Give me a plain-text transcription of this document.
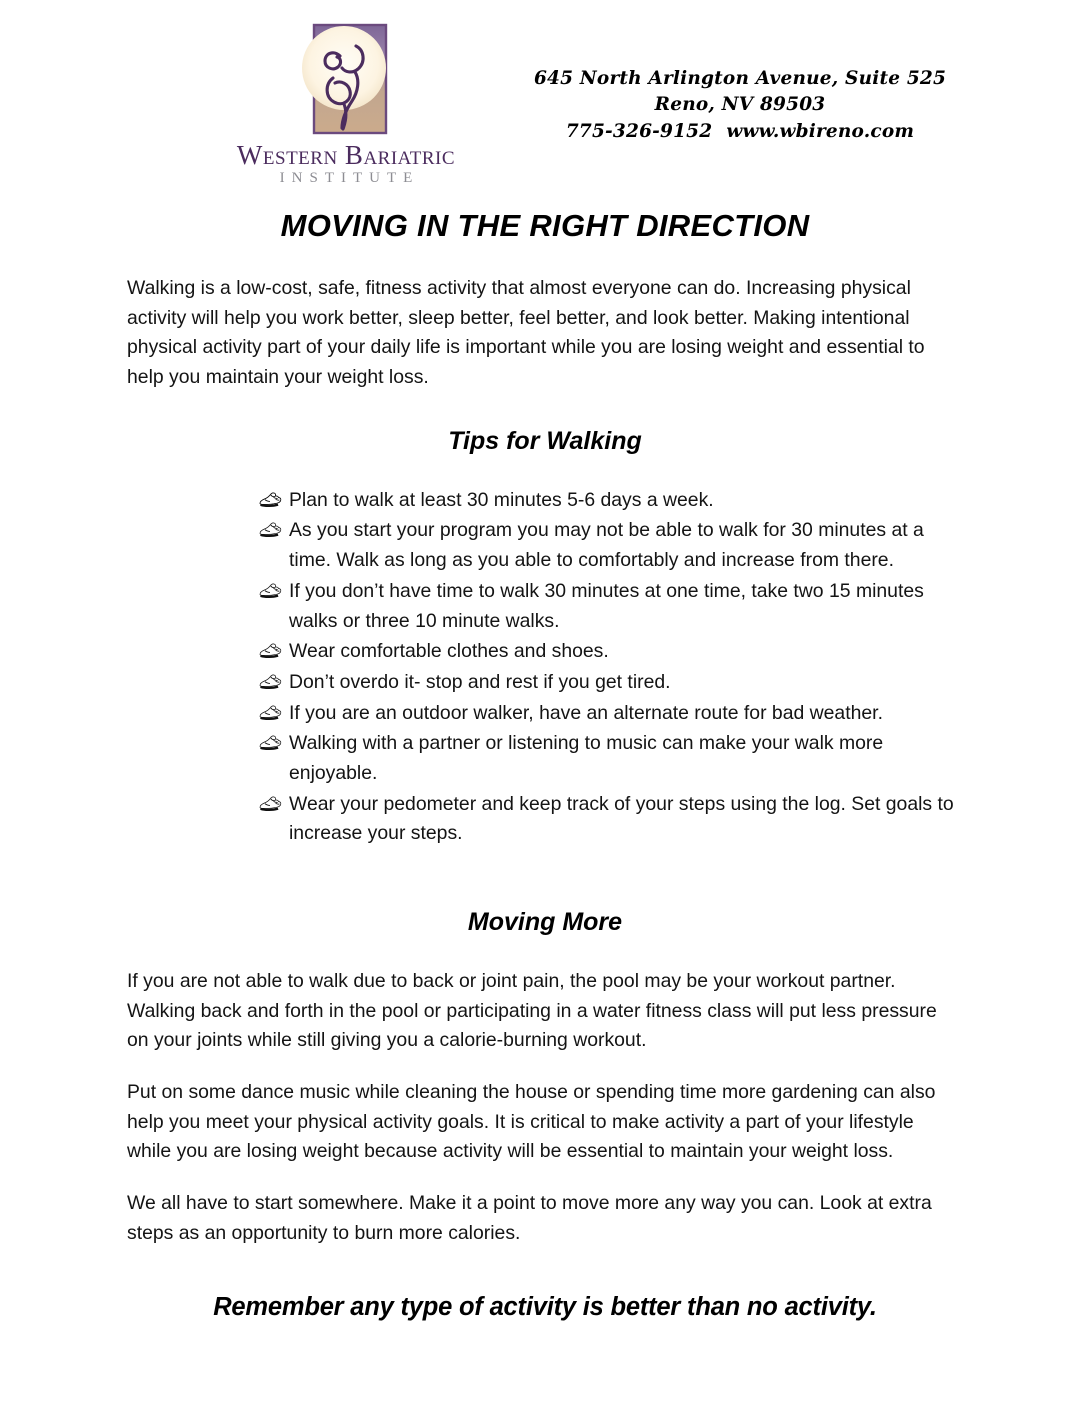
Western Bariatric
INSTITUTE
645 North Arlington Avenue, Suite 525
Reno, NV 89503
775-326-9152 www.wbireno.com
MOVING IN THE RIGHT DIRECTION

Walking is a low-cost, safe, fitness activity that almost everyone can do. Increasing physical activity will help you work better, sleep better, feel better, and look better. Making intentional physical activity part of your daily life is important while you are losing weight and essential to help you maintain your weight loss.

Tips for Walking
Plan to walk at least 30 minutes 5-6 days a week.
As you start your program you may not be able to walk for 30 minutes at a time. Walk as long as you able to comfortably and increase from there.
If you don’t have time to walk 30 minutes at one time, take two 15 minutes walks or three 10 minute walks.
Wear comfortable clothes and shoes.
Don’t overdo it- stop and rest if you get tired.
If you are an outdoor walker, have an alternate route for bad weather.
Walking with a partner or listening to music can make your walk more enjoyable.
Wear your pedometer and keep track of your steps using the log. Set goals to increase your steps.
Moving More

If you are not able to walk due to back or joint pain, the pool may be your workout partner. Walking back and forth in the pool or participating in a water fitness class will put less pressure on your joints while still giving you a calorie-burning workout.

Put on some dance music while cleaning the house or spending time more gardening can also help you meet your physical activity goals. It is critical to make activity a part of your lifestyle while you are losing weight because activity will be essential to maintain your weight loss.

We all have to start somewhere. Make it a point to move more any way you can. Look at extra steps as an opportunity to burn more calories.

Remember any type of activity is better than no activity.
